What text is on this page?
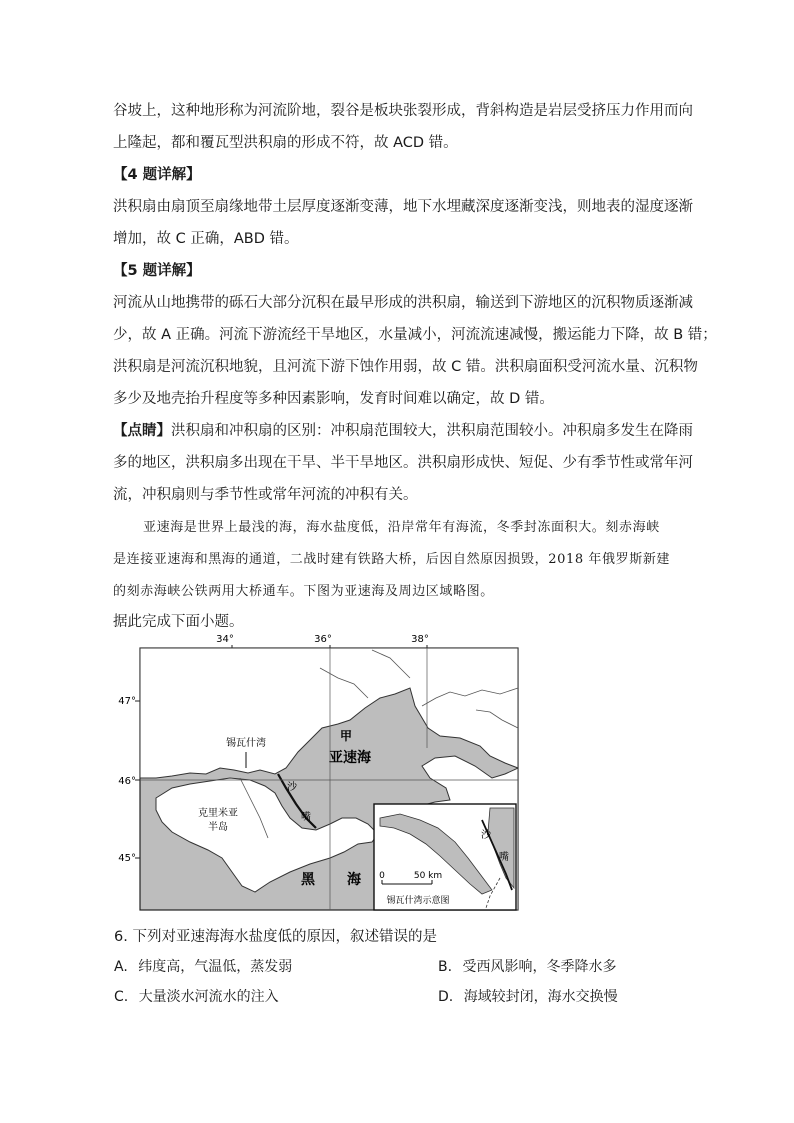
谷坡上，这种地形称为河流阶地，裂谷是板块张裂形成，背斜构造是岩层受挤压力作用而向
上隆起，都和覆瓦型洪积扇的形成不符，故 ACD 错。
【4 题详解】
洪积扇由扇顶至扇缘地带土层厚度逐渐变薄，地下水埋藏深度逐渐变浅，则地表的湿度逐渐
增加，故 C 正确，ABD 错。
【5 题详解】
河流从山地携带的砾石大部分沉积在最早形成的洪积扇，输送到下游地区的沉积物质逐渐减
少，故 A 正确。河流下游流经干旱地区，水量减小，河流流速减慢，搬运能力下降，故 B 错；
洪积扇是河流沉积地貌，且河流下游下蚀作用弱，故 C 错。洪积扇面积受河流水量、沉积物
多少及地壳抬升程度等多种因素影响，发育时间难以确定，故 D 错。
【点睛】洪积扇和冲积扇的区别：冲积扇范围较大，洪积扇范围较小。冲积扇多发生在降雨
多的地区，洪积扇多出现在干旱、半干旱地区。洪积扇形成快、短促、少有季节性或常年河
流，冲积扇则与季节性或常年河流的冲积有关。
亚速海是世界上最浅的海，海水盐度低，沿岸常年有海流，冬季封冻面积大。刻赤海峡
是连接亚速海和黑海的通道，二战时建有铁路大桥，后因自然原因损毁，2018 年俄罗斯新建
的刻赤海峡公铁两用大桥通车。下图为亚速海及周边区域略图。
据此完成下面小题。
34°	36°	38°
47°
46°
45°
锡瓦什湾
甲
亚速海
沙
嘴
克里米亚
半岛
黑 海
沙
嘴
0	50 km
锡瓦什湾示意图
6. 下列对亚速海海水盐度低的原因，叙述错误的是
A. 纬度高，气温低，蒸发弱	B. 受西风影响，冬季降水多
C. 大量淡水河流水的注入	D. 海域较封闭，海水交换慢
